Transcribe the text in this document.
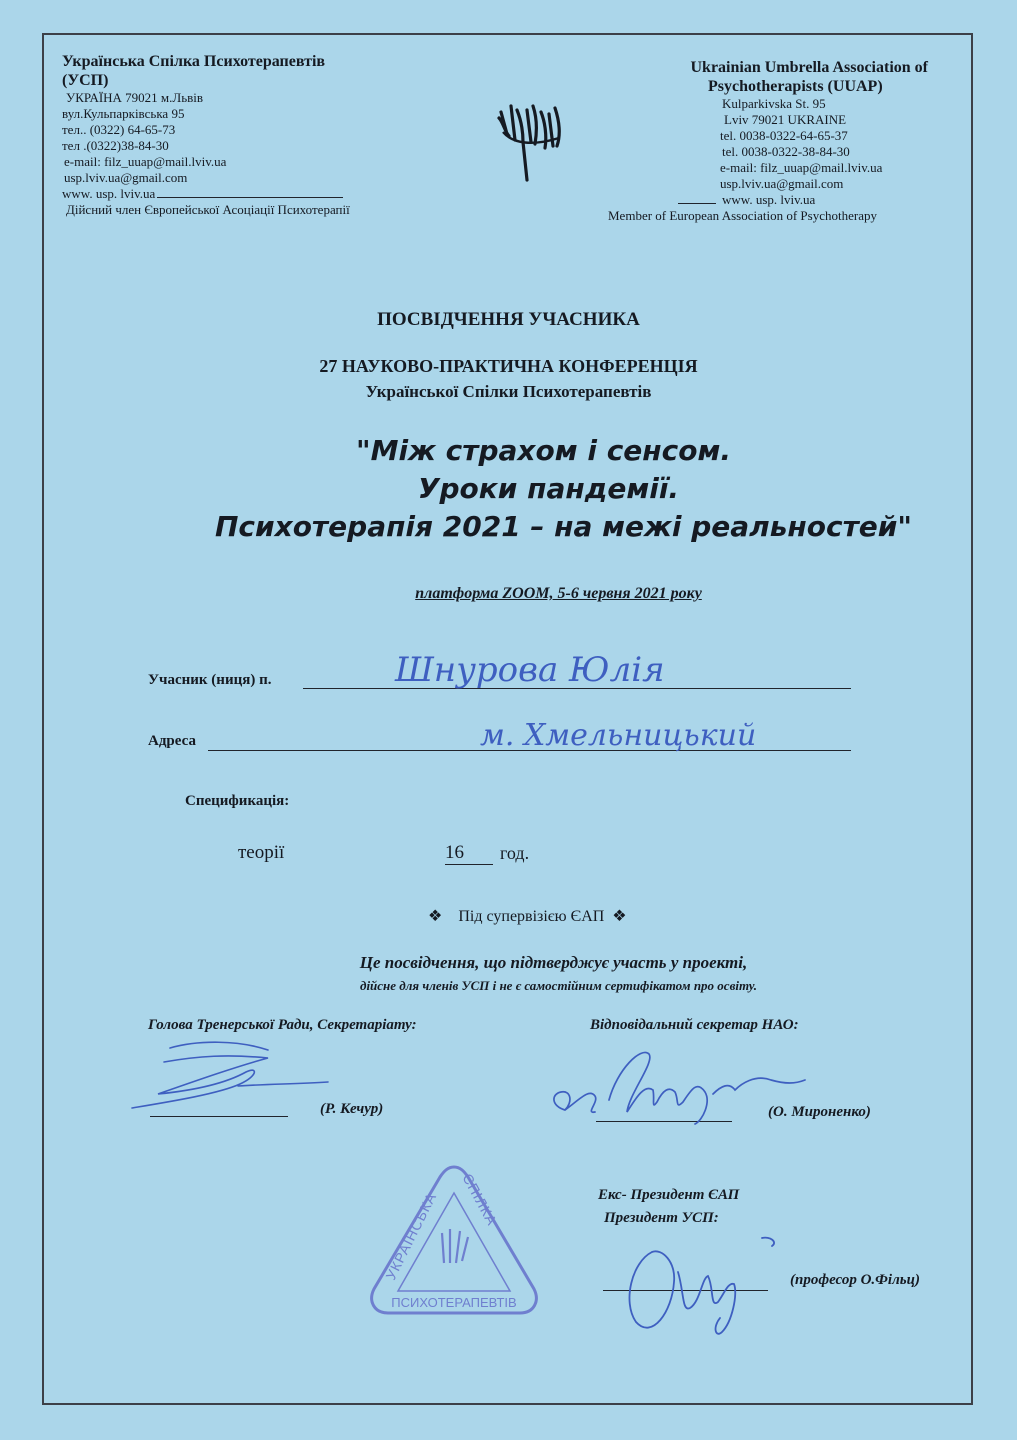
Українська Спілка Психотерапевтів
(УСП)
УКРАЇНА 79021 м.Львів
вул.Кульпарківська 95
тел.. (0322) 64-65-73
тел .(0322)38-84-30
e-mail: filz_uuap@mail.lviv.ua
usp.lviv.ua@gmail.com
www. usp. lviv.ua
Дійсний член Європейської Асоціації Психотерапії
Ukrainian Umbrella Association of
Psychotherapists (UUAP)
Kulparkivska St. 95
Lviv 79021 UKRAINE
tel. 0038-0322-64-65-37
tel. 0038-0322-38-84-30
e-mail: filz_uuap@mail.lviv.ua
usp.lviv.ua@gmail.com
www. usp. lviv.ua
Member of European Association of Psychotherapy
ПОСВІДЧЕННЯ УЧАСНИКА
27 НАУКОВО-ПРАКТИЧНА КОНФЕРЕНЦІЯ
Української Спілки Психотерапевтів
"Між страхом і сенсом.
Уроки пандемії.
Психотерапія 2021 – на межі реальностей"
платформа ZOOM, 5-6 червня 2021 року
Учасник (ниця) п.	Шнурова Юлія
Адреса	м. Хмельницький
Спецификація:
теорії	16	год.
❖ Під супервізією ЄАП ❖
Це посвідчення, що підтверджує участь у проекті,
дійсне для членів УСП і не є самостійним сертифікатом про освіту.
Голова Тренерської Ради, Секретаріату:
(Р. Кечур)
Відповідальний секретар НАО:
(О. Мироненко)
УКРАЇНСЬКА
СПІЛКА
ПСИХОТЕРАПЕВТІВ
Екс- Президент ЄАП
Президент УСП:
(професор О.Фільц)
